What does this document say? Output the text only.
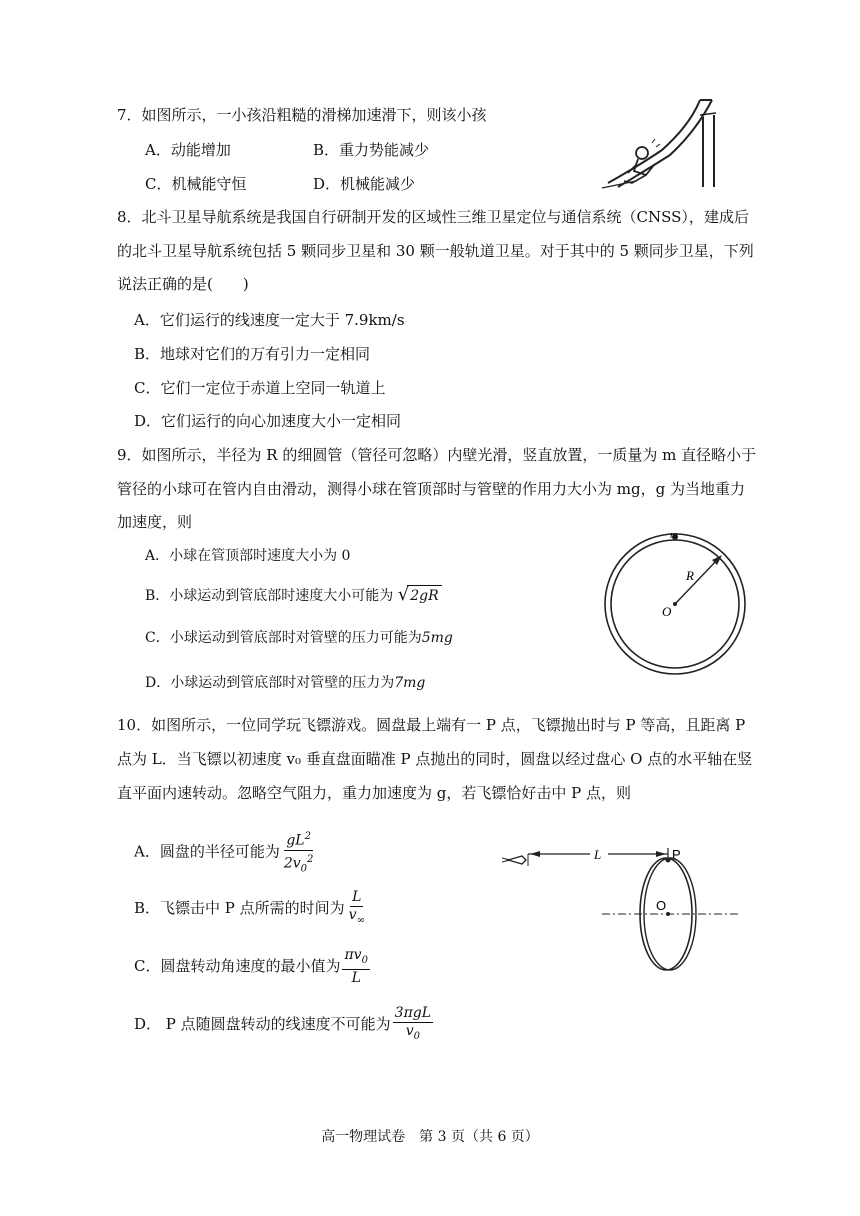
7．如图所示，一小孩沿粗糙的滑梯加速滑下，则该小孩
A．动能增加	B．重力势能减少
C．机械能守恒	D．机械能减少
8．北斗卫星导航系统是我国自行研制开发的区域性三维卫星定位与通信系统（CNSS），建成后
的北斗卫星导航系统包括 5 颗同步卫星和 30 颗一般轨道卫星。对于其中的 5 颗同步卫星，下列
说法正确的是(　　)
A．它们运行的线速度一定大于 7.9km/s
B．地球对它们的万有引力一定相同
C．它们一定位于赤道上空同一轨道上
D．它们运行的向心加速度大小一定相同
9．如图所示，半径为 R 的细圆管（管径可忽略）内壁光滑，竖直放置，一质量为 m 直径略小于
管径的小球可在管内自由滑动，测得小球在管顶部时与管壁的作用力大小为 mg，g 为当地重力
加速度，则
A．小球在管顶部时速度大小为 0
B．小球运动到管底部时速度大小可能为 √2gR
C．小球运动到管底部时对管壁的压力可能为5mg
D．小球运动到管底部时对管壁的压力为7mg
m
R
O
10．如图所示，一位同学玩飞镖游戏。圆盘最上端有一 P 点，飞镖抛出时与 P 等高，且距离 P
点为 L．当飞镖以初速度 v₀ 垂直盘面瞄准 P 点抛出的同时，圆盘以经过盘心 O 点的水平轴在竖
直平面内速转动。忽略空气阻力，重力加速度为 g，若飞镖恰好击中 P 点，则
A．圆盘的半径可能为 $\frac{gL^2}{2v_0^2}$
B．飞镖击中 P 点所需的时间为 $\frac{L}{v_\infty}$
C．圆盘转动角速度的最小值为 $\frac{\pi v_0}{L}$
D． P 点随圆盘转动的线速度不可能为 $\frac{\text{3πgL}}{v_0}$
L	P
O
高一物理试卷　第 3 页（共 6 页）
